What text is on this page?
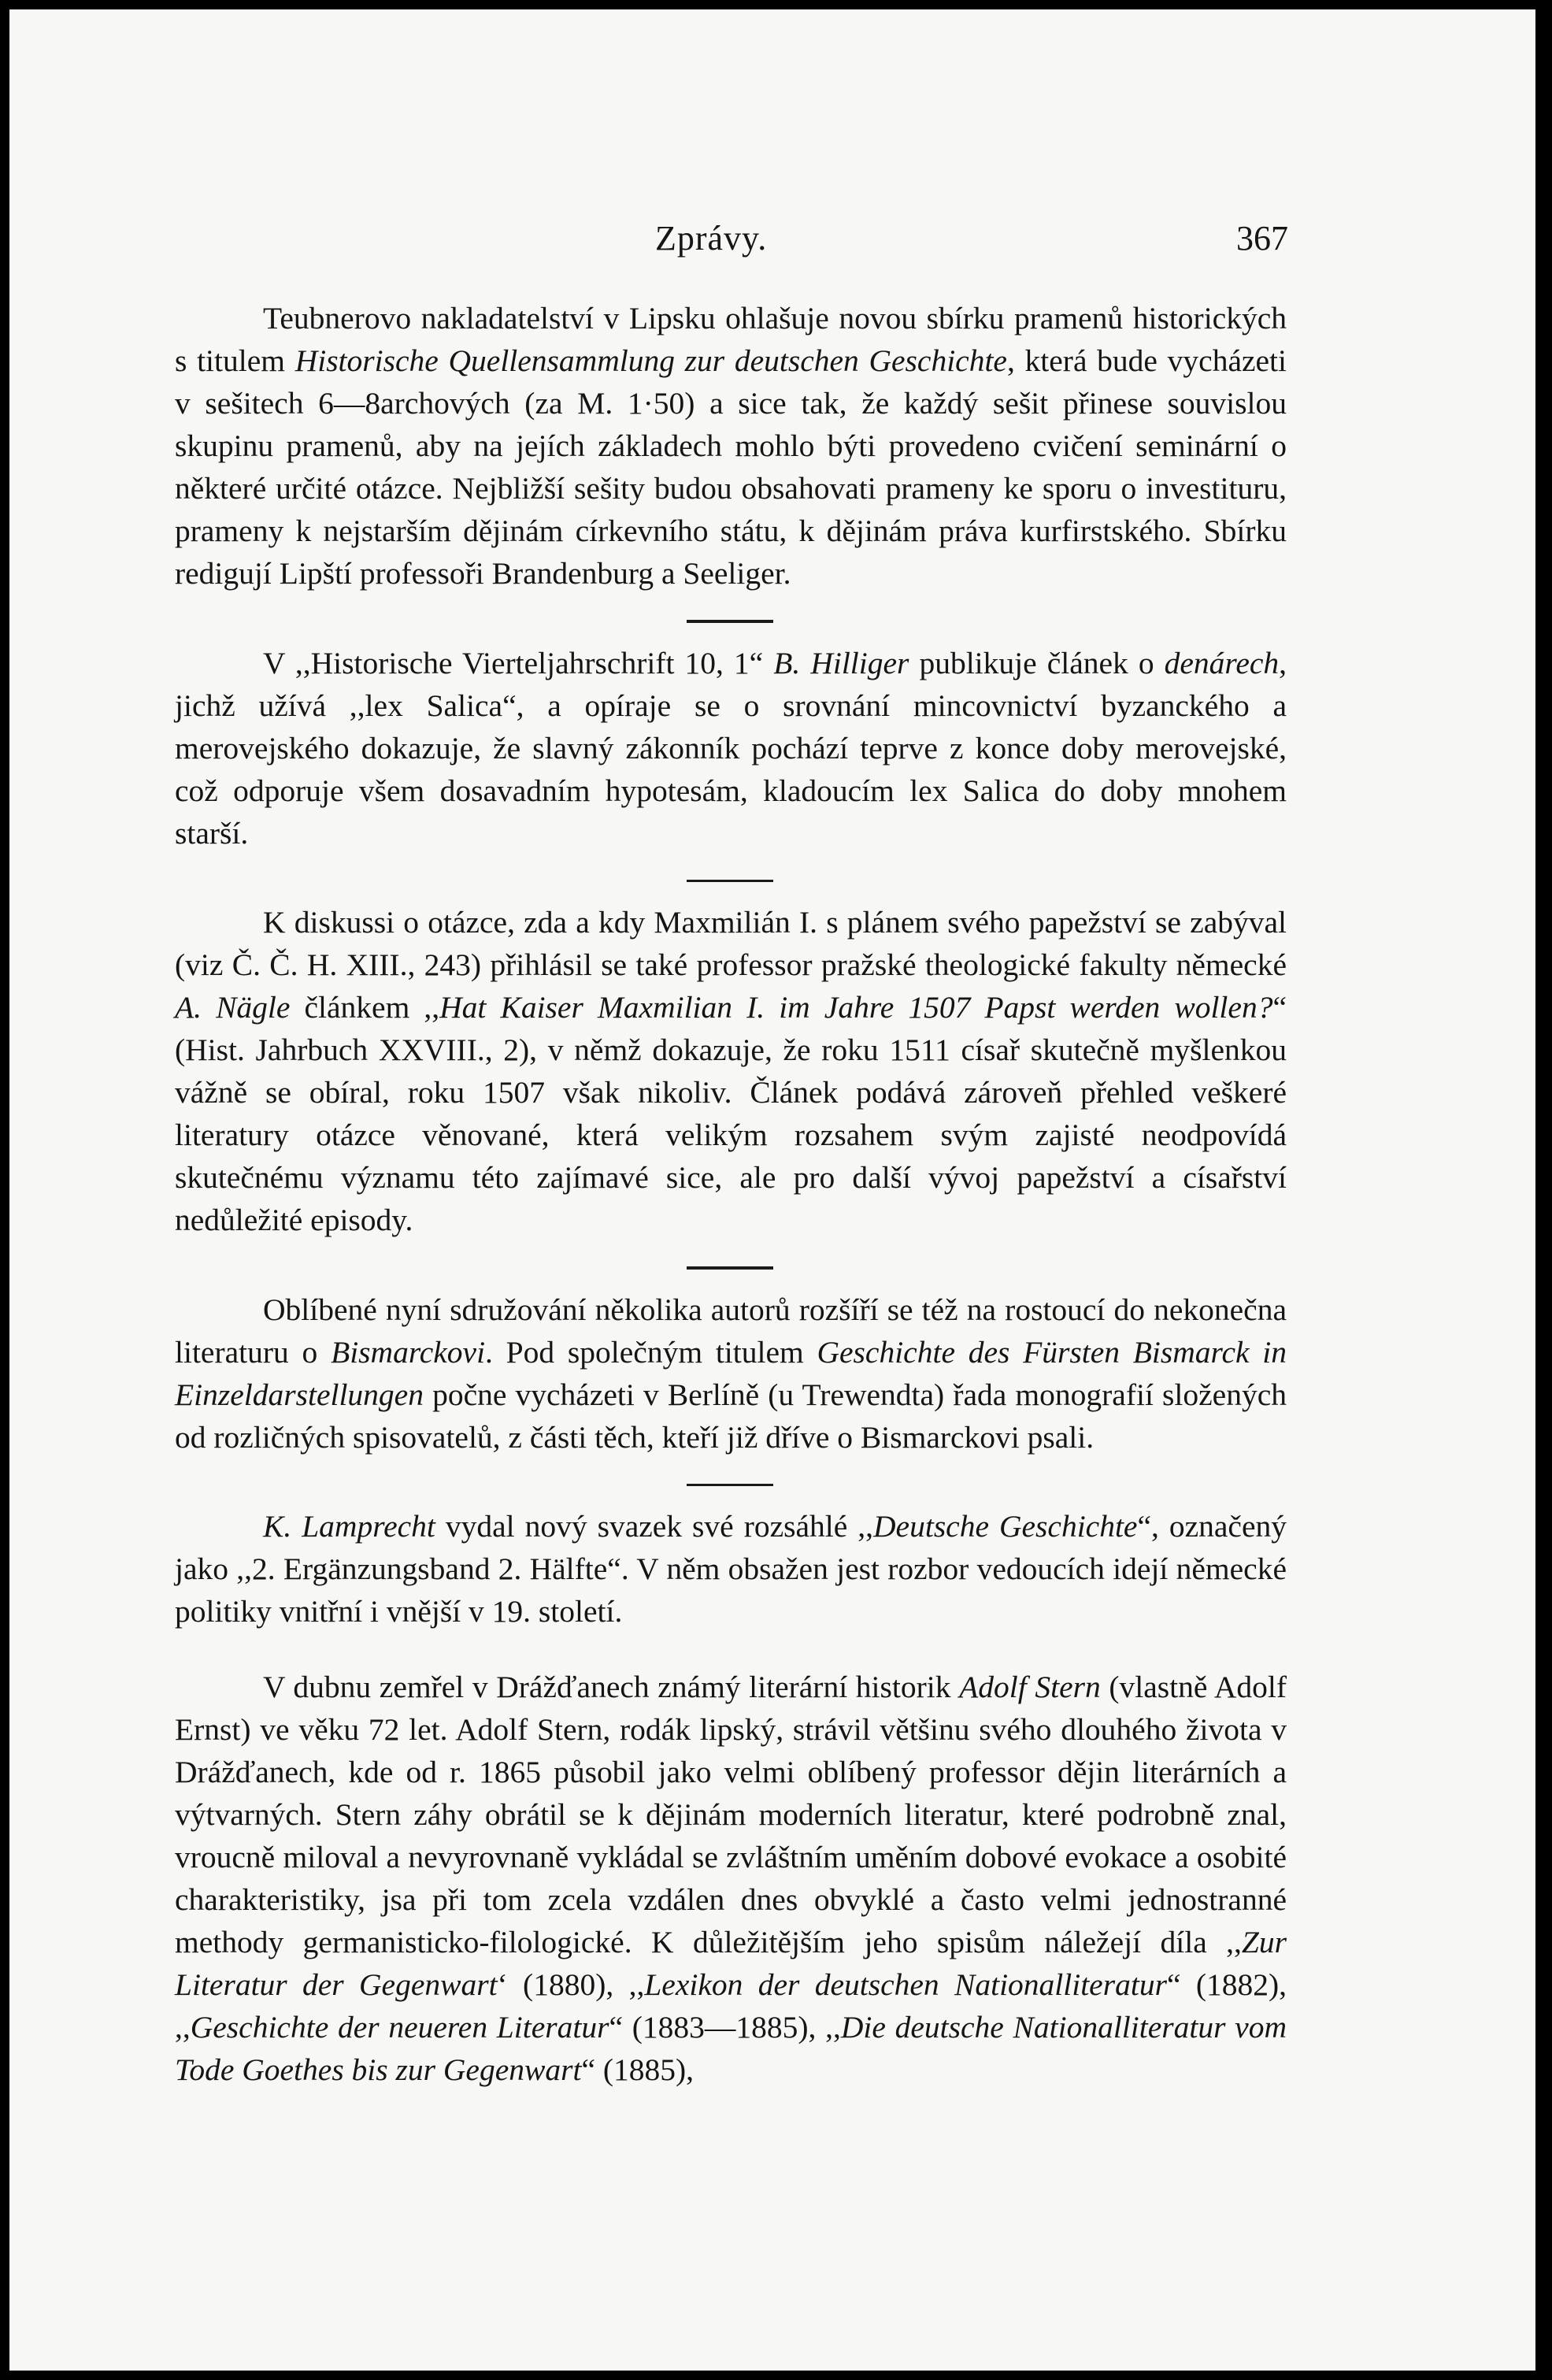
Zprávy.	367

Teubnerovo nakladatelství v Lipsku ohlašuje novou sbírku pramenů historických s titulem Historische Quellensammlung zur deutschen Geschichte, která bude vycházeti v sešitech 6—8archových (za M. 1·50) a sice tak, že každý sešit přinese souvislou skupinu pramenů, aby na jejích základech mohlo býti provedeno cvičení seminární o některé určité otázce. Nejbližší sešity budou obsahovati prameny ke sporu o investituru, prameny k nejstarším dějinám církevního státu, k dějinám práva kurfirstského. Sbírku redigují Lipští professoři Brandenburg a Seeliger.

V ,,Historische Vierteljahrschrift 10, 1“ B. Hilliger publikuje článek o denárech, jichž užívá ,,lex Salica“, a opíraje se o srovnání mincovnictví byzanckého a merovejského dokazuje, že slavný zákonník pochází teprve z konce doby merovejské, což odporuje všem dosavadním hypotesám, kladoucím lex Salica do doby mnohem starší.

K diskussi o otázce, zda a kdy Maxmilián I. s plánem svého papežství se zabýval (viz Č. Č. H. XIII., 243) přihlásil se také professor pražské theologické fakulty německé A. Nägle článkem ,,Hat Kaiser Maxmilian I. im Jahre 1507 Papst werden wollen?“ (Hist. Jahrbuch XXVIII., 2), v němž dokazuje, že roku 1511 císař skutečně myšlenkou vážně se obíral, roku 1507 však nikoliv. Článek podává zároveň přehled veškeré literatury otázce věnované, která velikým rozsahem svým zajisté neodpovídá skutečnému významu této zajímavé sice, ale pro další vývoj papežství a císařství nedůležité episody.

Oblíbené nyní sdružování několika autorů rozšíří se též na rostoucí do nekonečna literaturu o Bismarckovi. Pod společným titulem Geschichte des Fürsten Bismarck in Einzeldarstellungen počne vycházeti v Berlíně (u Trewendta) řada monografií složených od rozličných spisovatelů, z části těch, kteří již dříve o Bismarckovi psali.

K. Lamprecht vydal nový svazek své rozsáhlé ,,Deutsche Geschichte“, označený jako ,,2. Ergänzungsband 2. Hälfte“. V něm obsažen jest rozbor vedoucích idejí německé politiky vnitřní i vnější v 19. století.

V dubnu zemřel v Drážďanech známý literární historik Adolf Stern (vlastně Adolf Ernst) ve věku 72 let. Adolf Stern, rodák lipský, strávil většinu svého dlouhého života v Drážďanech, kde od r. 1865 působil jako velmi oblíbený professor dějin literárních a výtvarných. Stern záhy obrátil se k dějinám moderních literatur, které podrobně znal, vroucně miloval a nevyrovnaně vykládal se zvláštním uměním dobové evokace a osobité charakteristiky, jsa při tom zcela vzdálen dnes obvyklé a často velmi jednostranné methody germanisticko-filologické. K důležitějším jeho spisům náležejí díla ,,Zur Literatur der Gegenwart‘ (1880), ,,Lexikon der deutschen Nationalliteratur“ (1882), ,,Geschichte der neueren Literatur“ (1883—1885), ,,Die deutsche Nationalliteratur vom Tode Goethes bis zur Gegenwart“ (1885),
